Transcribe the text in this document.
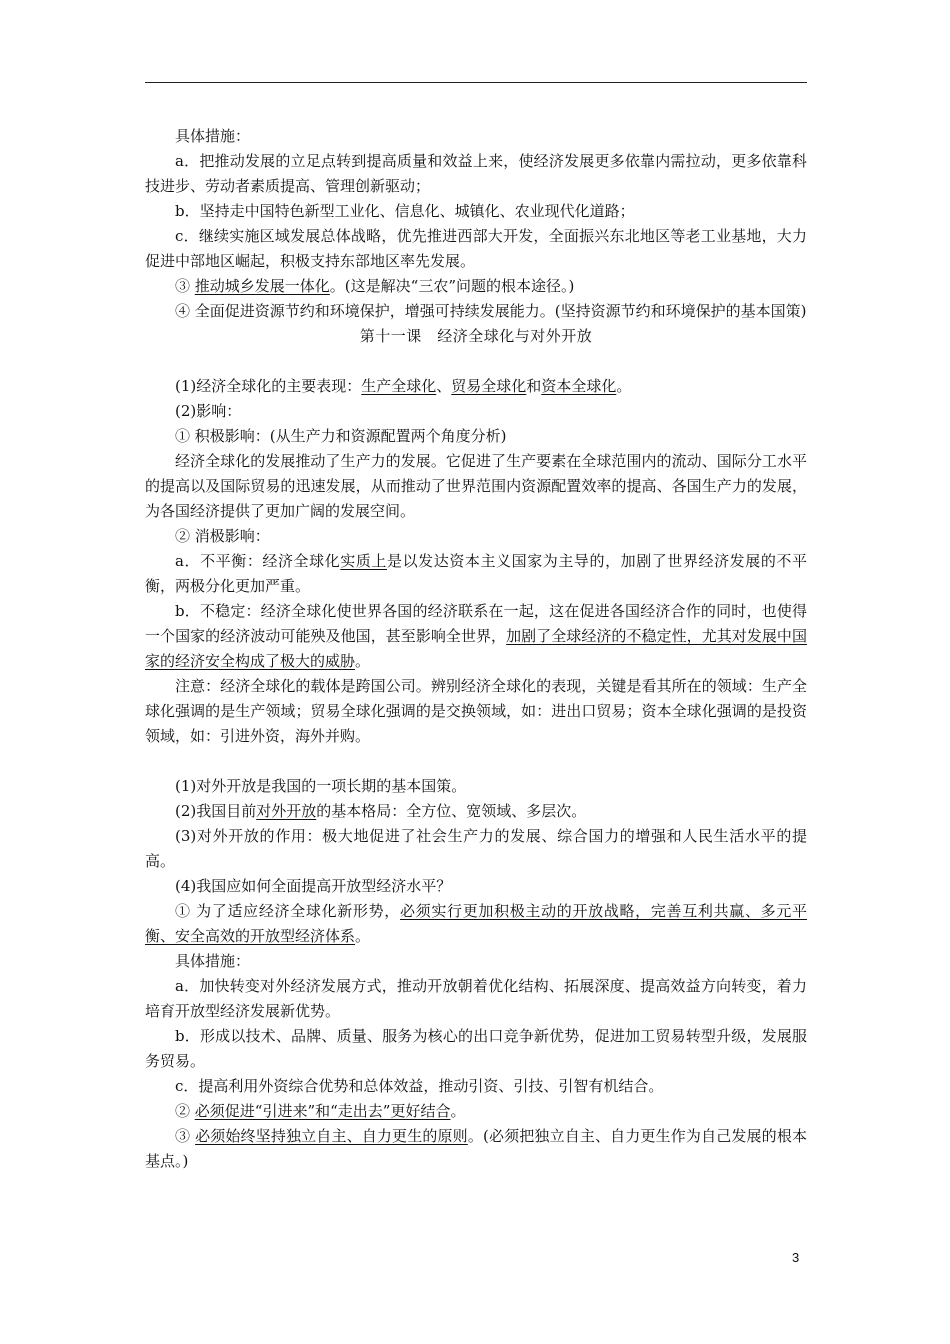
具体措施：

a．把推动发展的立足点转到提高质量和效益上来，使经济发展更多依靠内需拉动，更多依靠科技进步、劳动者素质提高、管理创新驱动；

b．坚持走中国特色新型工业化、信息化、城镇化、农业现代化道路；

c．继续实施区域发展总体战略，优先推进西部大开发，全面振兴东北地区等老工业基地，大力促进中部地区崛起，积极支持东部地区率先发展。

③ 推动城乡发展一体化。(这是解决“三农”问题的根本途径。)

④ 全面促进资源节约和环境保护，增强可持续发展能力。(坚持资源节约和环境保护的基本国策)

第十一课　经济全球化与对外开放

(1)经济全球化的主要表现：生产全球化、贸易全球化和资本全球化。

(2)影响：

① 积极影响：(从生产力和资源配置两个角度分析)

经济全球化的发展推动了生产力的发展。它促进了生产要素在全球范围内的流动、国际分工水平的提高以及国际贸易的迅速发展，从而推动了世界范围内资源配置效率的提高、各国生产力的发展，为各国经济提供了更加广阔的发展空间。

② 消极影响：

a．不平衡：经济全球化实质上是以发达资本主义国家为主导的，加剧了世界经济发展的不平衡，两极分化更加严重。

b．不稳定：经济全球化使世界各国的经济联系在一起，这在促进各国经济合作的同时，也使得一个国家的经济波动可能殃及他国，甚至影响全世界，加剧了全球经济的不稳定性，尤其对发展中国家的经济安全构成了极大的威胁。

注意：经济全球化的载体是跨国公司。辨别经济全球化的表现，关键是看其所在的领域：生产全球化强调的是生产领域；贸易全球化强调的是交换领域，如：进出口贸易；资本全球化强调的是投资领域，如：引进外资，海外并购。

(1)对外开放是我国的一项长期的基本国策。

(2)我国目前对外开放的基本格局：全方位、宽领域、多层次。

(3)对外开放的作用：极大地促进了社会生产力的发展、综合国力的增强和人民生活水平的提高。

(4)我国应如何全面提高开放型经济水平？

① 为了适应经济全球化新形势，必须实行更加积极主动的开放战略，完善互利共赢、多元平衡、安全高效的开放型经济体系。

具体措施：

a．加快转变对外经济发展方式，推动开放朝着优化结构、拓展深度、提高效益方向转变，着力培育开放型经济发展新优势。

b．形成以技术、品牌、质量、服务为核心的出口竞争新优势，促进加工贸易转型升级，发展服务贸易。

c．提高利用外资综合优势和总体效益，推动引资、引技、引智有机结合。

② 必须促进“引进来”和“走出去”更好结合。

③ 必须始终坚持独立自主、自力更生的原则。(必须把独立自主、自力更生作为自己发展的根本基点。)

3
